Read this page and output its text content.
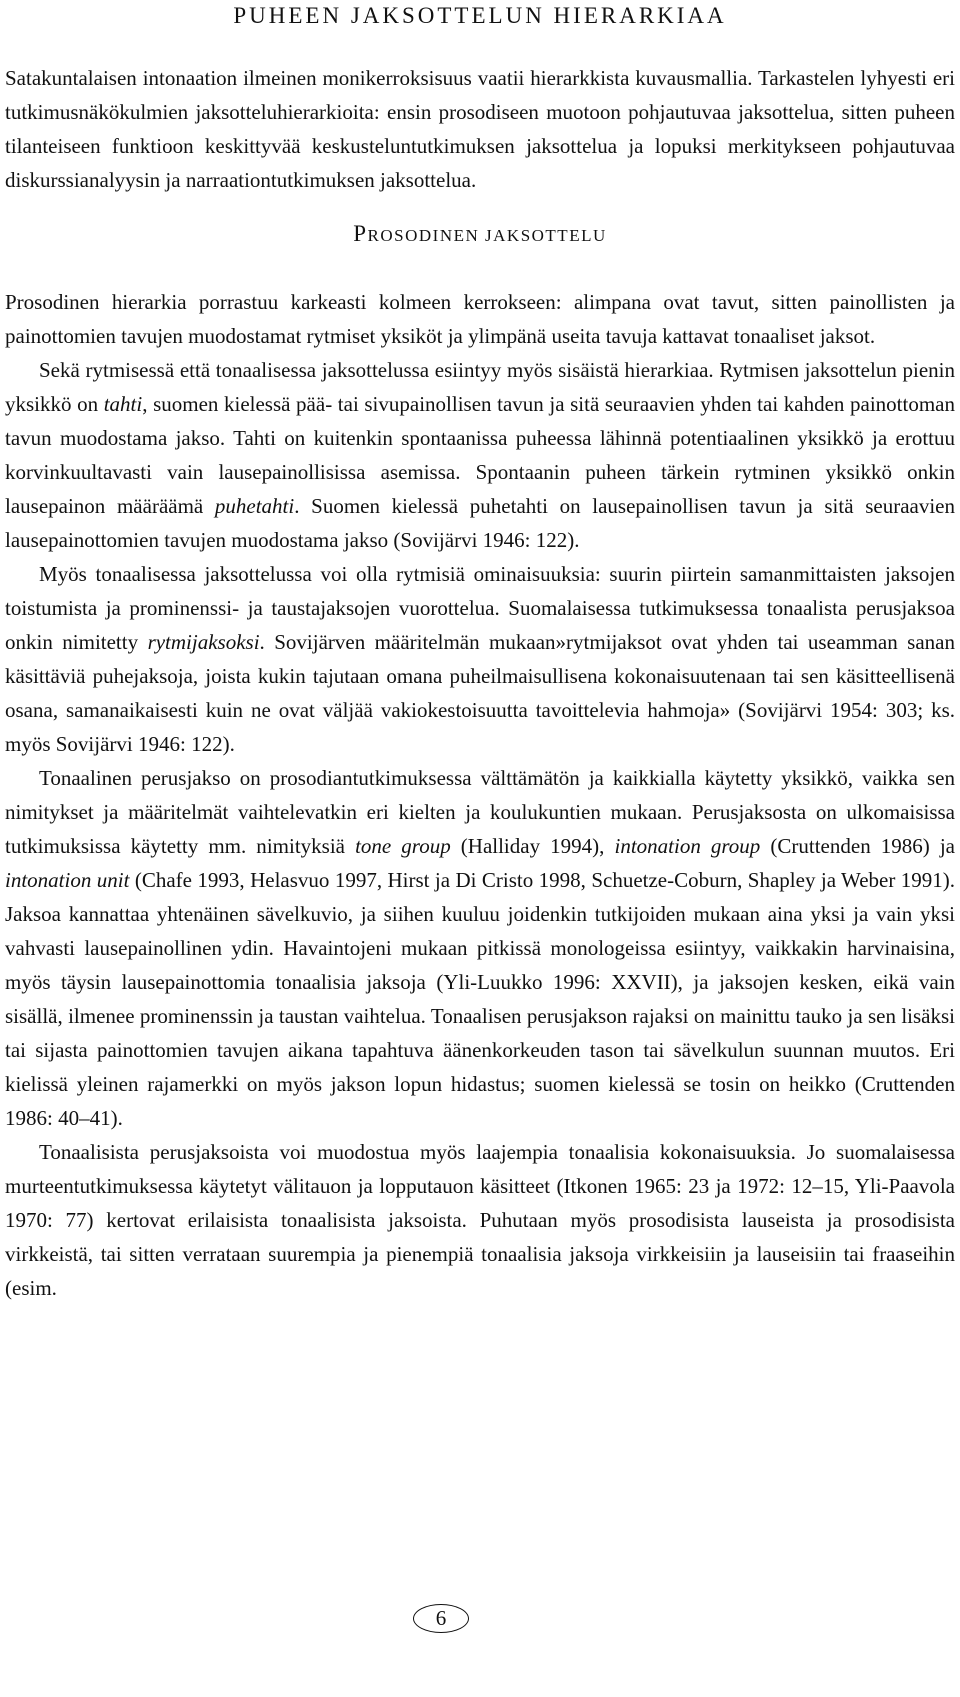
PUHEEN JAKSOTTELUN HIERARKIAA

Satakuntalaisen intonaation ilmeinen monikerroksisuus vaatii hierarkkista kuvausmallia. Tarkastelen lyhyesti eri tutkimusnäkökulmien jaksotteluhierarkioita: ensin prosodiseen muotoon pohjautuvaa jaksottelua, sitten puheen tilanteiseen funktioon keskittyvää keskusteluntutkimuksen jaksottelua ja lopuksi merkitykseen pohjautuvaa diskurssianalyysin ja narraationtutkimuksen jaksottelua.

PROSODINEN JAKSOTTELU

Prosodinen hierarkia porrastuu karkeasti kolmeen kerrokseen: alimpana ovat tavut, sitten painollisten ja painottomien tavujen muodostamat rytmiset yksiköt ja ylimpänä useita tavuja kattavat tonaaliset jaksot.

Sekä rytmisessä että tonaalisessa jaksottelussa esiintyy myös sisäistä hierarkiaa. Rytmisen jaksottelun pienin yksikkö on tahti, suomen kielessä pää- tai sivupainollisen tavun ja sitä seuraavien yhden tai kahden painottoman tavun muodostama jakso. Tahti on kuitenkin spontaanissa puheessa lähinnä potentiaalinen yksikkö ja erottuu korvinkuultavasti vain lausepainollisissa asemissa. Spontaanin puheen tärkein rytminen yksikkö onkin lausepainon määräämä puhetahti. Suomen kielessä puhetahti on lausepainollisen tavun ja sitä seuraavien lausepainottomien tavujen muodostama jakso (Sovijärvi 1946: 122).

Myös tonaalisessa jaksottelussa voi olla rytmisiä ominaisuuksia: suurin piirtein samanmittaisten jaksojen toistumista ja prominenssi- ja taustajaksojen vuorottelua. Suomalaisessa tutkimuksessa tonaalista perusjaksoa onkin nimitetty rytmijaksoksi. Sovijärven määritelmän mukaan»rytmijaksot ovat yhden tai useamman sanan käsittäviä puhejaksoja, joista kukin tajutaan omana puheilmaisullisena kokonaisuutenaan tai sen käsitteellisenä osana, samanaikaisesti kuin ne ovat väljää vakiokestoisuutta tavoittelevia hahmoja» (Sovijärvi 1954: 303; ks. myös Sovijärvi 1946: 122).

Tonaalinen perusjakso on prosodiantutkimuksessa välttämätön ja kaikkialla käytetty yksikkö, vaikka sen nimitykset ja määritelmät vaihtelevatkin eri kielten ja koulukuntien mukaan. Perusjaksosta on ulkomaisissa tutkimuksissa käytetty mm. nimityksiä tone group (Halliday 1994), intonation group (Cruttenden 1986) ja intonation unit (Chafe 1993, Helasvuo 1997, Hirst ja Di Cristo 1998, Schuetze-Coburn, Shapley ja Weber 1991). Jaksoa kannattaa yhtenäinen sävelkuvio, ja siihen kuuluu joidenkin tutkijoiden mukaan aina yksi ja vain yksi vahvasti lausepainollinen ydin. Havaintojeni mukaan pitkissä monologeissa esiintyy, vaikkakin harvinaisina, myös täysin lausepainottomia tonaalisia jaksoja (Yli-Luukko 1996: XXVII), ja jaksojen kesken, eikä vain sisällä, ilmenee prominenssin ja taustan vaihtelua. Tonaalisen perusjakson rajaksi on mainittu tauko ja sen lisäksi tai sijasta painottomien tavujen aikana tapahtuva äänenkorkeuden tason tai sävelkulun suunnan muutos. Eri kielissä yleinen rajamerkki on myös jakson lopun hidastus; suomen kielessä se tosin on heikko (Cruttenden 1986: 40–41).

Tonaalisista perusjaksoista voi muodostua myös laajempia tonaalisia kokonaisuuksia. Jo suomalaisessa murteentutkimuksessa käytetyt välitauon ja lopputauon käsitteet (Itkonen 1965: 23 ja 1972: 12–15, Yli-Paavola 1970: 77) kertovat erilaisista tonaalisista jaksoista. Puhutaan myös prosodisista lauseista ja prosodisista virkkeistä, tai sitten verrataan suurempia ja pienempiä tonaalisia jaksoja virkkeisiin ja lauseisiin tai fraaseihin (esim.

6
